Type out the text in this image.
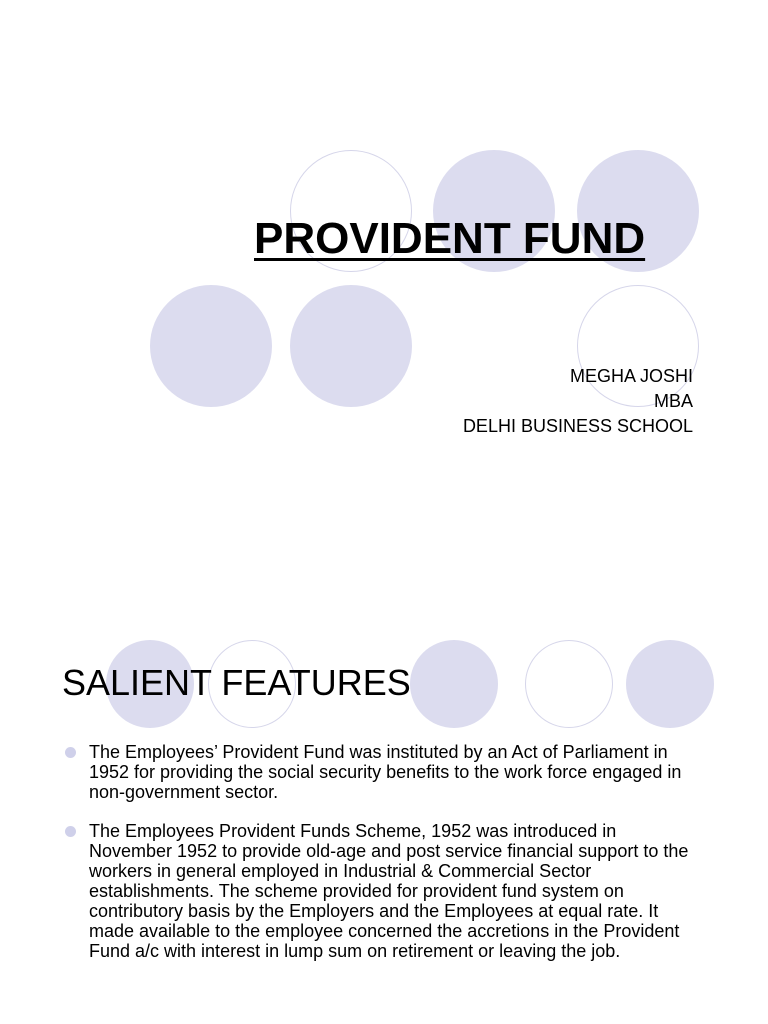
PROVIDENT FUND
MEGHA JOSHI
MBA
DELHI BUSINESS SCHOOL
SALIENT FEATURES
The Employees’ Provident Fund was instituted by an Act of Parliament in 1952 for providing the social security benefits to the work force engaged in non-government sector.
The Employees Provident Funds Scheme, 1952 was introduced in November 1952 to provide old-age and post service financial support to the workers in general employed in Industrial & Commercial Sector establishments. The scheme provided for provident fund system on contributory basis by the Employers and the Employees at equal rate. It made available to the employee concerned the accretions in the Provident Fund a/c with interest in lump sum on retirement or leaving the job.
